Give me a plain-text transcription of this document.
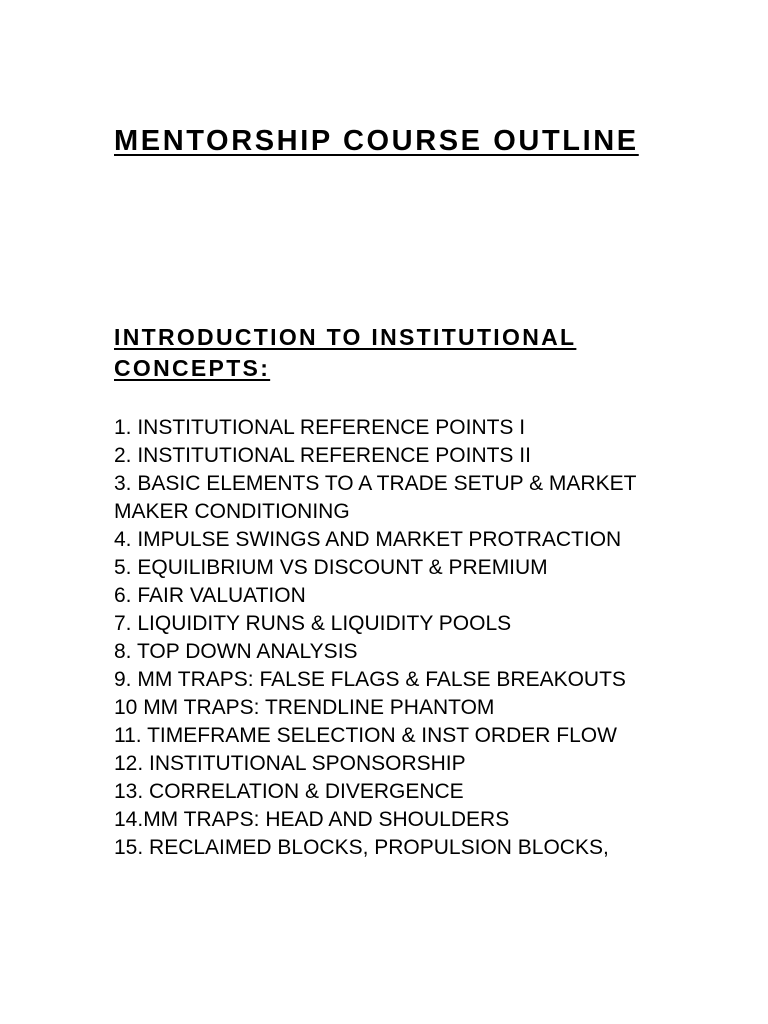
MENTORSHIP COURSE OUTLINE
INTRODUCTION TO INSTITUTIONAL
CONCEPTS:
1. INSTITUTIONAL REFERENCE POINTS I
2. INSTITUTIONAL REFERENCE POINTS II
3. BASIC ELEMENTS TO A TRADE SETUP & MARKET MAKER CONDITIONING
4. IMPULSE SWINGS AND MARKET PROTRACTION
5. EQUILIBRIUM VS DISCOUNT & PREMIUM
6. FAIR VALUATION
7. LIQUIDITY RUNS & LIQUIDITY POOLS
8. TOP DOWN ANALYSIS
9. MM TRAPS: FALSE FLAGS & FALSE BREAKOUTS
10 MM TRAPS: TRENDLINE PHANTOM
11. TIMEFRAME SELECTION & INST ORDER FLOW
12. INSTITUTIONAL SPONSORSHIP
13. CORRELATION & DIVERGENCE
14.MM TRAPS: HEAD AND SHOULDERS
15. RECLAIMED BLOCKS, PROPULSION BLOCKS,
